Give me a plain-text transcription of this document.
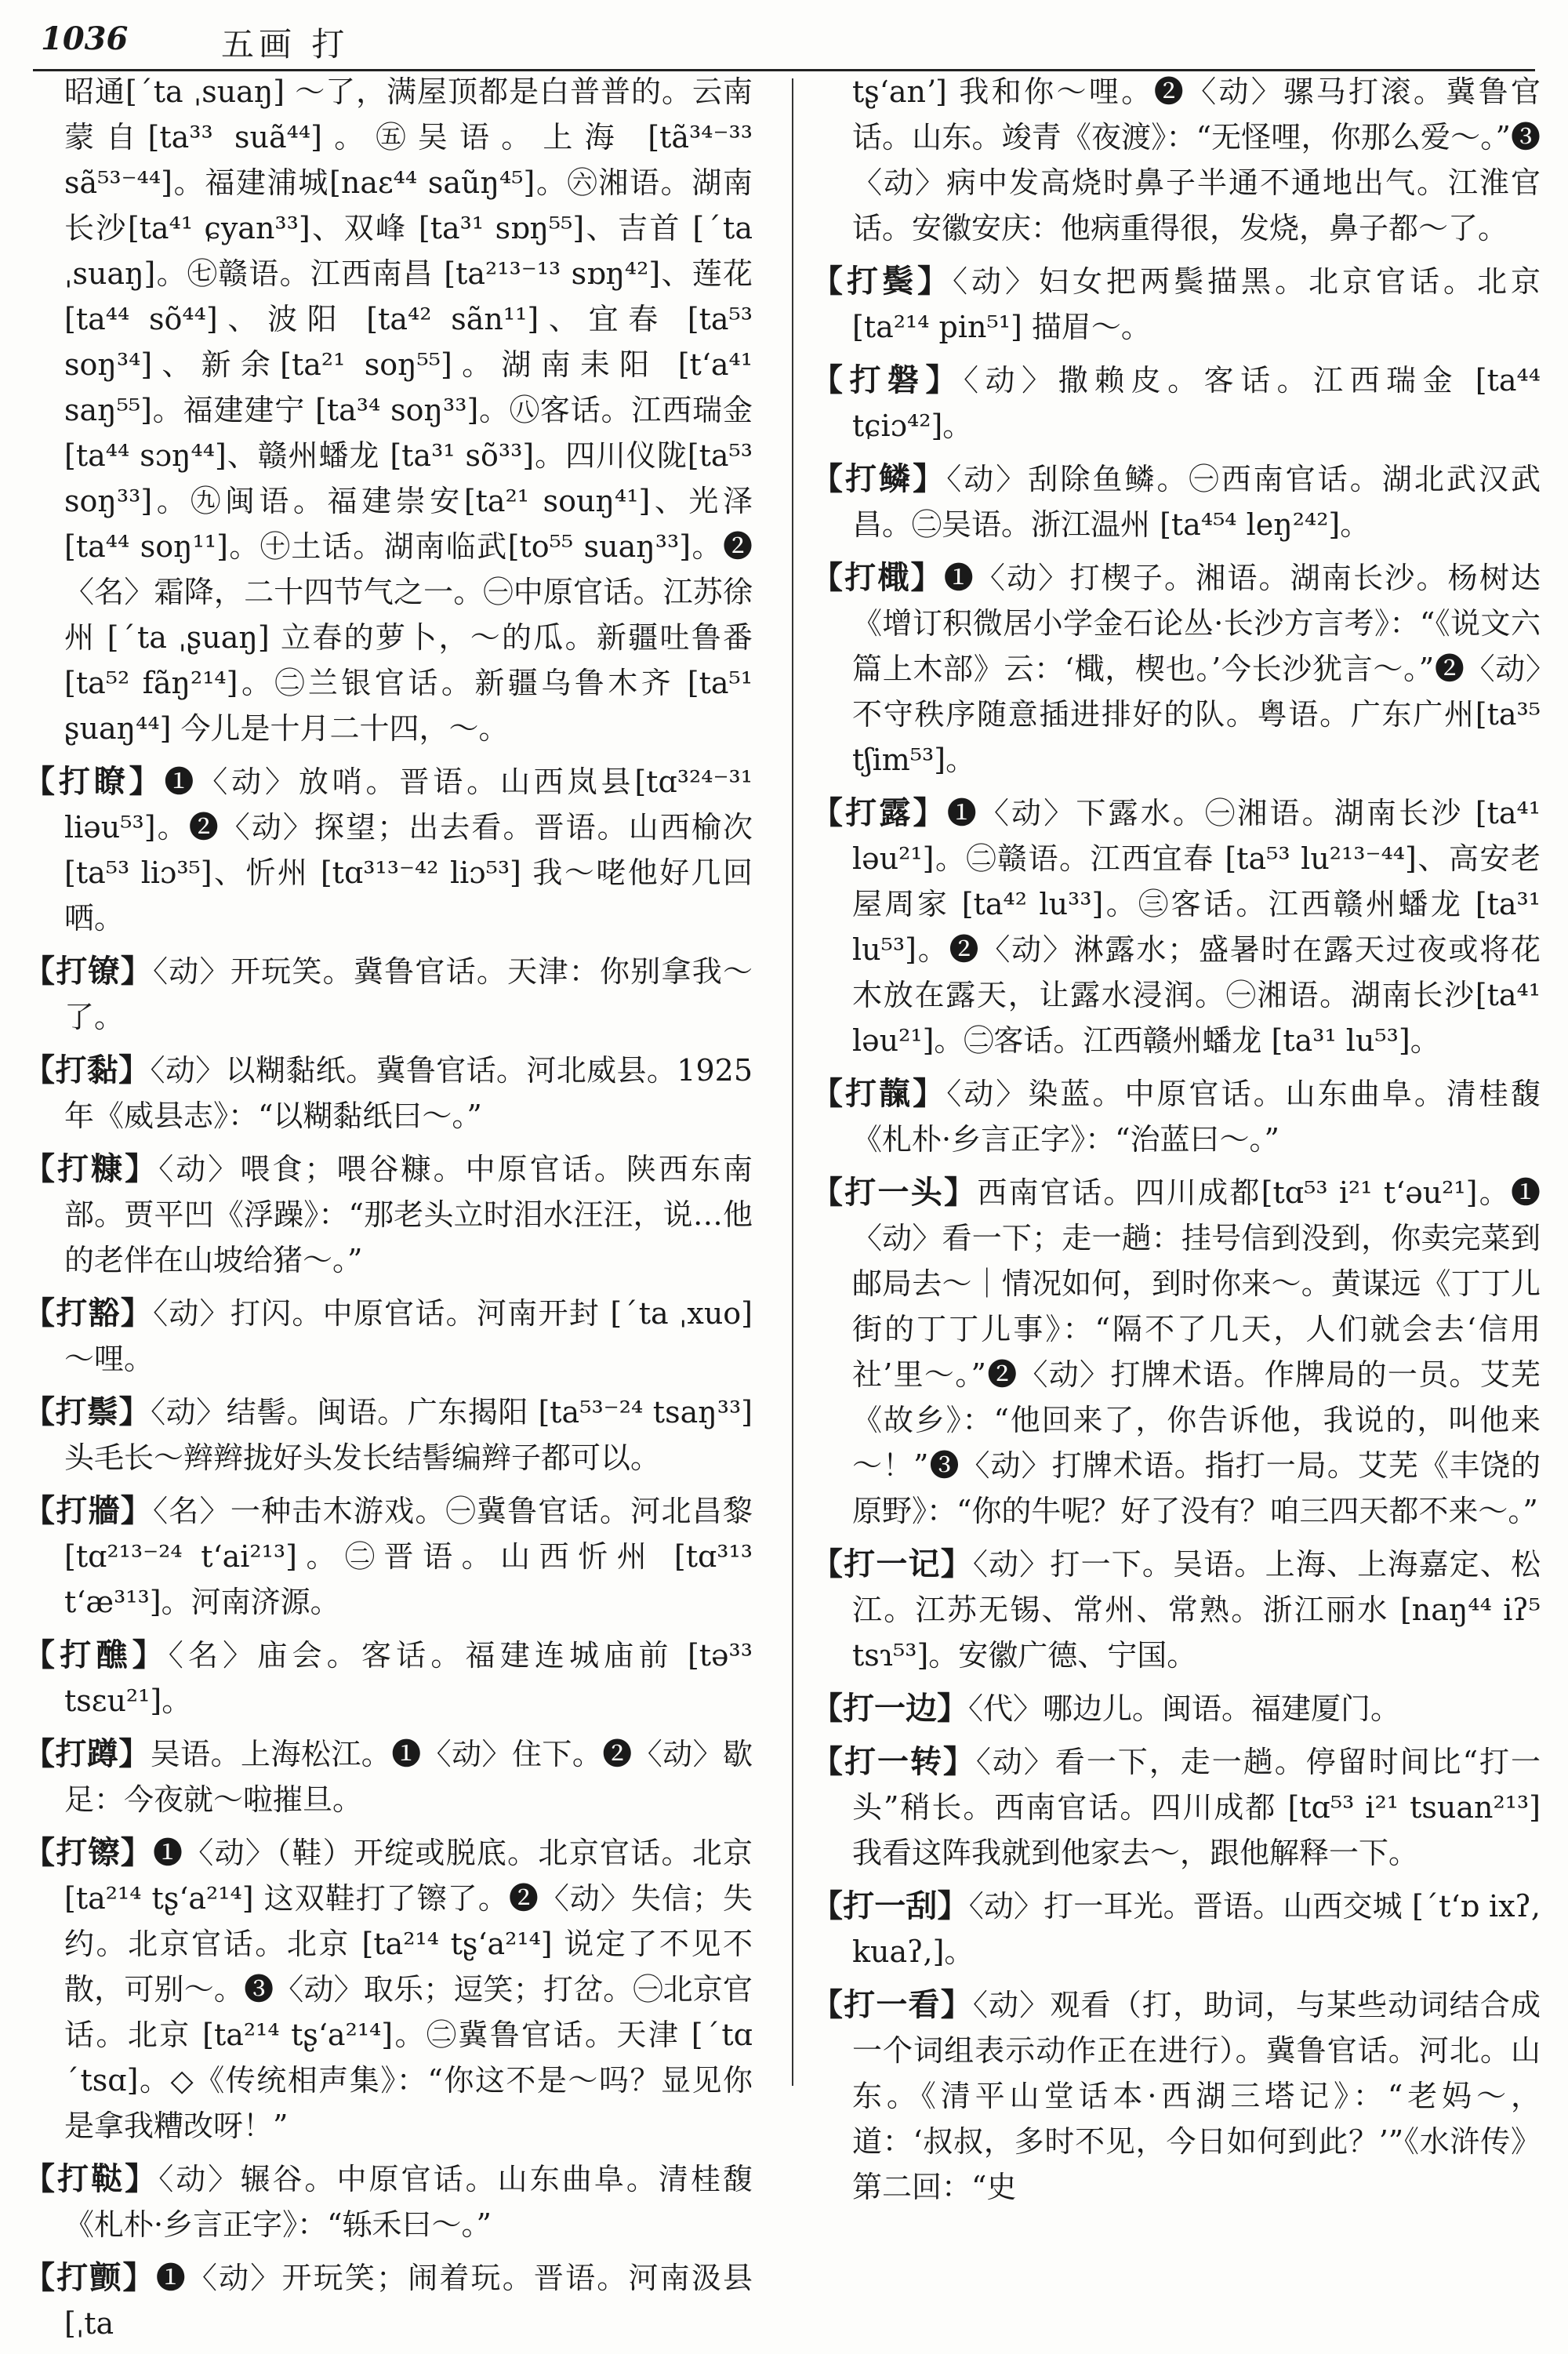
1036	五画 打

昭通[ˊta ˌsuaŋ] ～了，满屋顶都是白普普的。云南蒙自[ta³³ suã⁴⁴]。㊄吴语。上海 [tã³⁴⁻³³ sã⁵³⁻⁴⁴]。福建浦城[naɛ⁴⁴ saũŋ⁴⁵]。㊅湘语。湖南长沙[ta⁴¹ ɕyan³³]、双峰 [ta³¹ sɒŋ⁵⁵]、吉首 [ˊta ˌsuaŋ]。㊆赣语。江西南昌 [ta²¹³⁻¹³ sɒŋ⁴²]、莲花 [ta⁴⁴ sõ⁴⁴]、波阳 [ta⁴² sãn¹¹]、宜春 [ta⁵³ soŋ³⁴]、新余[ta²¹ soŋ⁵⁵]。湖南耒阳 [tʻa⁴¹ saŋ⁵⁵]。福建建宁 [ta³⁴ soŋ³³]。㊇客话。江西瑞金 [ta⁴⁴ sɔŋ⁴⁴]、赣州蟠龙 [ta³¹ sõ³³]。四川仪陇[ta⁵³ soŋ³³]。㊈闽语。福建崇安[ta²¹ souŋ⁴¹]、光泽 [ta⁴⁴ soŋ¹¹]。㊉土话。湖南临武[to⁵⁵ suaŋ³³]。❷〈名〉霜降，二十四节气之一。㊀中原官话。江苏徐州 [ˊta ˌʂuaŋ] 立春的萝卜，～的瓜。新疆吐鲁番 [ta⁵² fãŋ²¹⁴]。㊁兰银官话。新疆乌鲁木齐 [ta⁵¹ ʂuaŋ⁴⁴] 今儿是十月二十四，～。

【打瞭】❶〈动〉放哨。晋语。山西岚县[tɑ³²⁴⁻³¹ liəu⁵³]。❷〈动〉探望；出去看。晋语。山西榆次 [ta⁵³ liɔ³⁵]、忻州 [tɑ³¹³⁻⁴² liɔ⁵³] 我～咾他好几回哂。

【打镣】〈动〉开玩笑。冀鲁官话。天津：你别拿我～了。

【打黏】〈动〉以糊黏纸。冀鲁官话。河北威县。1925年《威县志》：“以糊黏纸曰～。”

【打糠】〈动〉喂食；喂谷糠。中原官话。陕西东南部。贾平凹《浮躁》：“那老头立时泪水汪汪，说…他的老伴在山坡给猪～。”

【打豁】〈动〉打闪。中原官话。河南开封 [ˊta ˌxuo] ～哩。

【打鬃】〈动〉结髻。闽语。广东揭阳 [ta⁵³⁻²⁴ tsaŋ³³] 头毛长～辫辫拢好头发长结髻编辫子都可以。

【打牆】〈名〉一种击木游戏。㊀冀鲁官话。河北昌黎 [tɑ²¹³⁻²⁴ tʻai²¹³]。㊁晋语。山西忻州 [tɑ³¹³ tʻæ³¹³]。河南济源。

【打醮】〈名〉庙会。客话。福建连城庙前 [tə³³ tsɛu²¹]。

【打蹲】吴语。上海松江。❶〈动〉住下。❷〈动〉歇足：今夜就～啦摧旦。

【打镲】❶〈动〉（鞋）开绽或脱底。北京官话。北京 [ta²¹⁴ tʂʻa²¹⁴] 这双鞋打了镲了。❷〈动〉失信；失约。北京官话。北京 [ta²¹⁴ tʂʻa²¹⁴] 说定了不见不散，可别～。❸〈动〉取乐；逗笑；打岔。㊀北京官话。北京 [ta²¹⁴ tʂʻa²¹⁴]。㊁冀鲁官话。天津 [ˊtɑ ˊtsɑ]。◇《传统相声集》：“你这不是～吗？显见你是拿我糟改呀！”

【打鞑】〈动〉辗谷。中原官话。山东曲阜。清桂馥《札朴·乡言正字》：“轹禾曰～。”

【打颤】❶〈动〉开玩笑；闹着玩。晋语。河南汲县 [ˌta

tʂʻanʼ] 我和你～哩。❷〈动〉骡马打滚。冀鲁官话。山东。竣青《夜渡》：“无怪哩，你那么爱～。”❸〈动〉病中发高烧时鼻子半通不通地出气。江淮官话。安徽安庆：他病重得很，发烧，鼻子都～了。

【打鬓】〈动〉妇女把两鬓描黑。北京官话。北京 [ta²¹⁴ pin⁵¹] 描眉～。

【打磐】〈动〉撒赖皮。客话。江西瑞金 [ta⁴⁴ tɕiɔ⁴²]。

【打鳞】〈动〉刮除鱼鳞。㊀西南官话。湖北武汉武昌。㊁吴语。浙江温州 [ta⁴⁵⁴ leŋ²⁴²]。

【打檝】❶〈动〉打楔子。湘语。湖南长沙。杨树达《增订积微居小学金石论丛·长沙方言考》：“《说文六篇上木部》云：‘檝，楔也。’今长沙犹言～。”❷〈动〉不守秩序随意插进排好的队。粤语。广东广州[ta³⁵ tʃim⁵³]。

【打露】❶〈动〉下露水。㊀湘语。湖南长沙 [ta⁴¹ ləu²¹]。㊁赣语。江西宜春 [ta⁵³ lu²¹³⁻⁴⁴]、高安老屋周家 [ta⁴² lu³³]。㊂客话。江西赣州蟠龙 [ta³¹ lu⁵³]。❷〈动〉淋露水；盛暑时在露天过夜或将花木放在露天，让露水浸润。㊀湘语。湖南长沙[ta⁴¹ ləu²¹]。㊁客话。江西赣州蟠龙 [ta³¹ lu⁵³]。

【打靝】〈动〉染蓝。中原官话。山东曲阜。清桂馥《札朴·乡言正字》：“治蓝曰～。”

【打一头】西南官话。四川成都[tɑ⁵³ i²¹ tʻəu²¹]。❶〈动〉看一下；走一趟：挂号信到没到，你卖完菜到邮局去～｜情况如何，到时你来～。黄谋远《丁丁儿街的丁丁儿事》：“隔不了几天，人们就会去‘信用社’里～。”❷〈动〉打牌术语。作牌局的一员。艾芜《故乡》：“他回来了，你告诉他，我说的，叫他来～！”❸〈动〉打牌术语。指打一局。艾芜《丰饶的原野》：“你的牛呢？好了没有？咱三四天都不来～。”

【打一记】〈动〉打一下。吴语。上海、上海嘉定、松江。江苏无锡、常州、常熟。浙江丽水 [naŋ⁴⁴ iʔ⁵ tsɿ⁵³]。安徽广德、宁国。

【打一边】〈代〉哪边儿。闽语。福建厦门。

【打一转】〈动〉看一下，走一趟。停留时间比“打一头”稍长。西南官话。四川成都 [tɑ⁵³ i²¹ tsuan²¹³] 我看这阵我就到他家去～，跟他解释一下。

【打一刮】〈动〉打一耳光。晋语。山西交城 [ˊtʻɒ ixʔ, kuaʔ,]。

【打一看】〈动〉观看（打，助词，与某些动词结合成一个词组表示动作正在进行）。冀鲁官话。河北。山东。《清平山堂话本·西湖三塔记》：“老妈～，道：‘叔叔，多时不见，今日如何到此？’”《水浒传》第二回：“史
